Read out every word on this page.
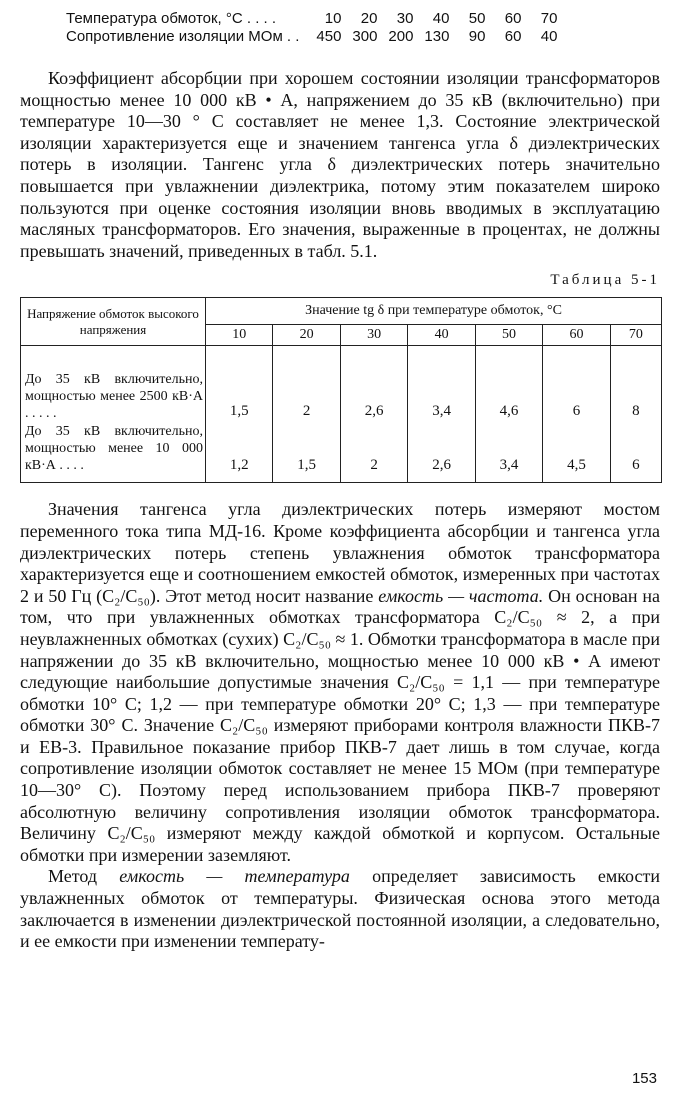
Температура обмоток, °С . . . .	10	20	30	40	50	60	70
Сопротивление изоляции МОм . .	450	300	200	130	90	60	40

Коэффициент абсорбции при хорошем состоянии изоляции трансформаторов мощностью менее 10 000 кВ • А, напряжением до 35 кВ (включительно) при температуре 10—30 ° С составляет не менее 1,3. Состояние электрической изоляции характеризуется еще и значением тангенса угла δ диэлектрических потерь в изоляции. Тангенс угла δ диэлектрических потерь значительно повышается при увлажнении диэлектрика, потому этим показателем широко пользуются при оценке состояния изоляции вновь вводимых в эксплуатацию масляных трансформаторов. Его значения, выраженные в процентах, не должны превышать значений, приведенных в табл. 5.1.

Таблица 5-1
Напряжение обмоток высокого напряжения	Значение tg δ при температуре обмоток, °С						
	10	20	30	40	50	60	70

До 35 кВ включительно, мощностью менее 2500 кВ·А . . . . .	1,5	2	2,6	3,4	4,6	6	8

До 35 кВ включительно, мощностью менее 10 000 кВ·А . . . .	1,2	1,5	2	2,6	3,4	4,5	6

Значения тангенса угла диэлектрических потерь измеряют мостом переменного тока типа МД-16. Кроме коэффициента абсорбции и тангенса угла диэлектрических потерь степень увлажнения обмоток трансформатора характеризуется еще и соотношением емкостей обмоток, измеренных при частотах 2 и 50 Гц (C₂/C₅₀). Этот метод носит название емкость — частота. Он основан на том, что при увлажненных обмотках трансформатора C₂/C₅₀ ≈ 2, а при неувлажненных обмотках (сухих) C₂/C₅₀ ≈ 1. Обмотки трансформатора в масле при напряжении до 35 кВ включительно, мощностью менее 10 000 кВ • А имеют следующие наибольшие допустимые значения C₂/C₅₀ = 1,1 — при температуре обмотки 10° С; 1,2 — при температуре обмотки 20° С; 1,3 — при температуре обмотки 30° С. Значение C₂/C₅₀ измеряют приборами контроля влажности ПКВ-7 и ЕВ-3. Правильное показание прибор ПКВ-7 дает лишь в том случае, когда сопротивление изоляции обмоток составляет не менее 15 МОм (при температуре 10—30° С). Поэтому перед использованием прибора ПКВ-7 проверяют абсолютную величину сопротивления изоляции обмоток трансформатора. Величину C₂/C₅₀ измеряют между каждой обмоткой и корпусом. Остальные обмотки при измерении заземляют.

Метод емкость — температура определяет зависимость емкости увлажненных обмоток от температуры. Физическая основа этого метода заключается в изменении диэлектрической постоянной изоляции, а следовательно, и ее емкости при изменении температу-

153
